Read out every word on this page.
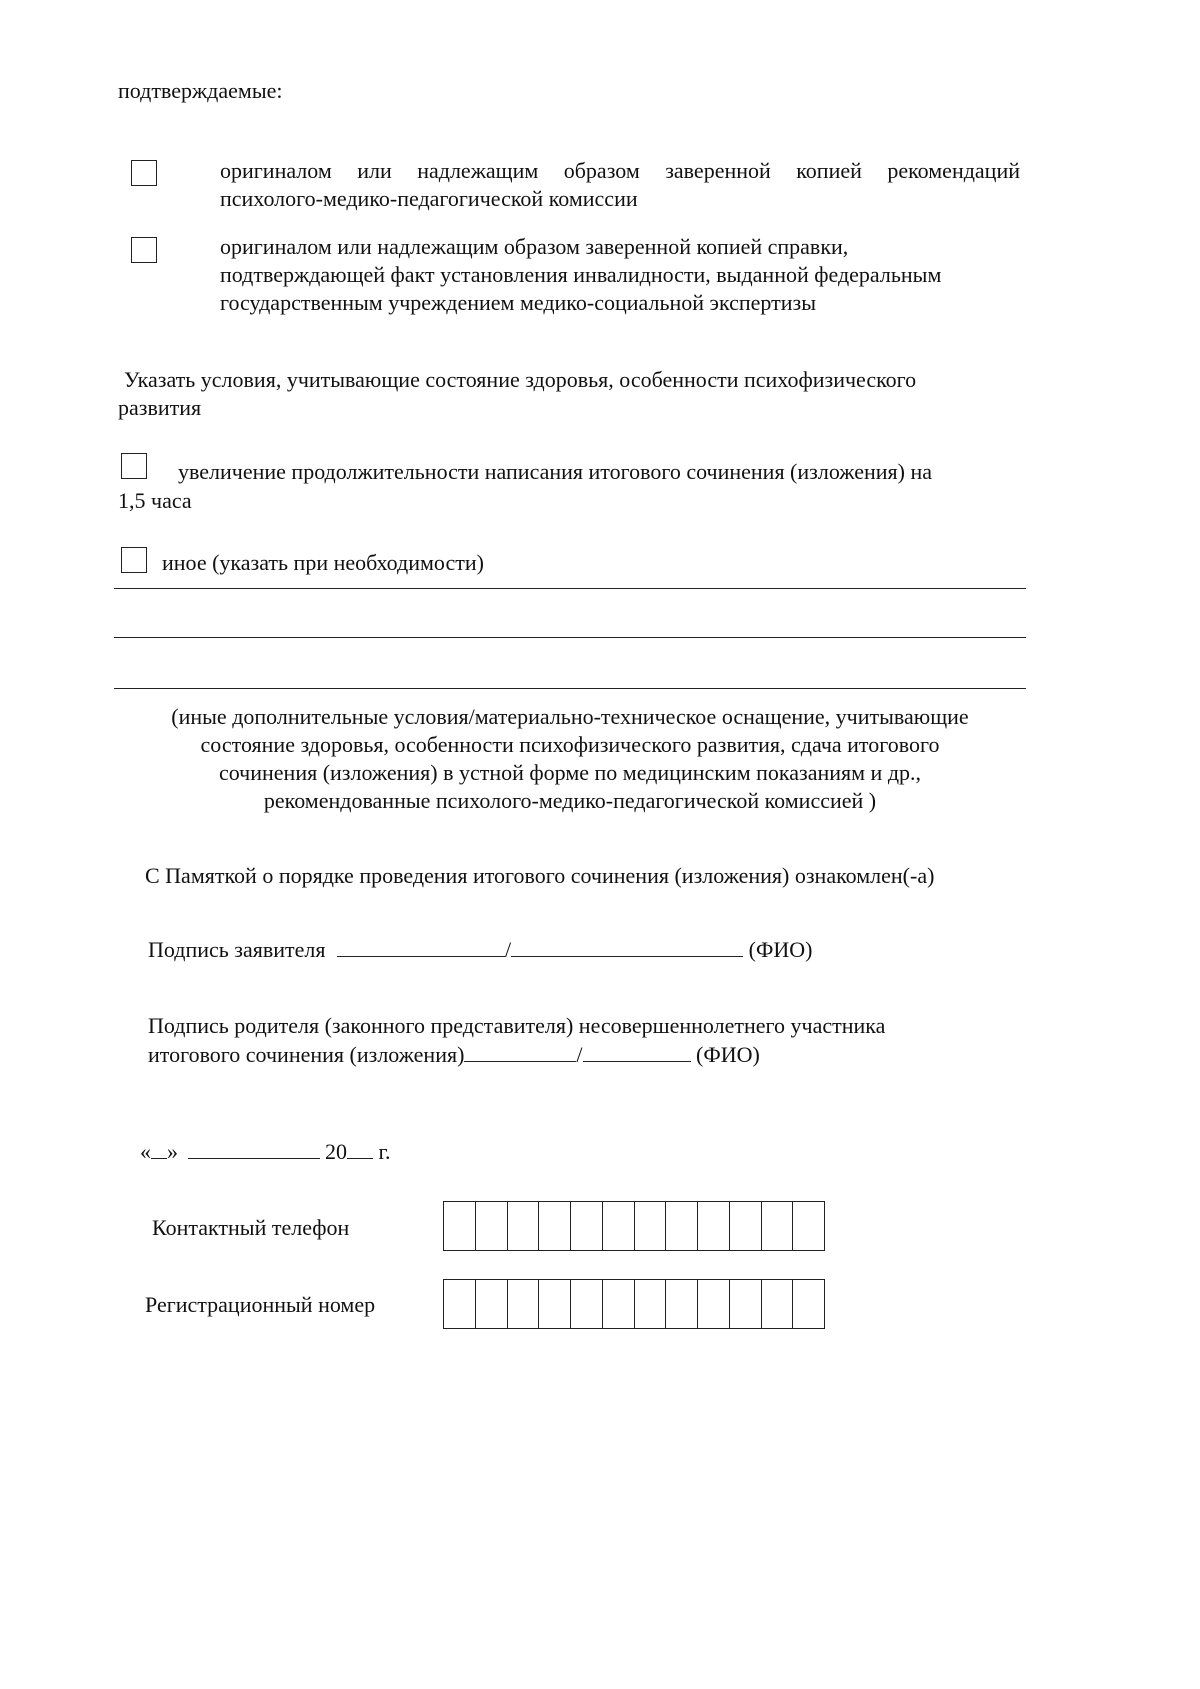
подтверждаемые:
оригиналом или надлежащим образом заверенной копией рекомендаций
психолого-медико-педагогической комиссии
оригиналом или надлежащим образом заверенной копией справки,
подтверждающей факт установления инвалидности, выданной федеральным
государственным учреждением медико-социальной экспертизы
Указать условия, учитывающие состояние здоровья, особенности психофизического
развития
увеличение продолжительности написания итогового сочинения (изложения) на
1,5 часа
иное (указать при необходимости)
(иные дополнительные условия/материально-техническое оснащение, учитывающие
состояние здоровья, особенности психофизического развития, сдача итогового
сочинения (изложения) в устной форме по медицинским показаниям и др.,
рекомендованные психолого-медико-педагогической комиссией )
С Памяткой о порядке проведения итогового сочинения (изложения) ознакомлен(-а)
Подпись заявителя	/	(ФИО)
Подпись родителя (законного представителя) несовершеннолетнего участника
итогового сочинения (изложения)	/	(ФИО)
« »	20 г.
Контактный телефон
Регистрационный номер
